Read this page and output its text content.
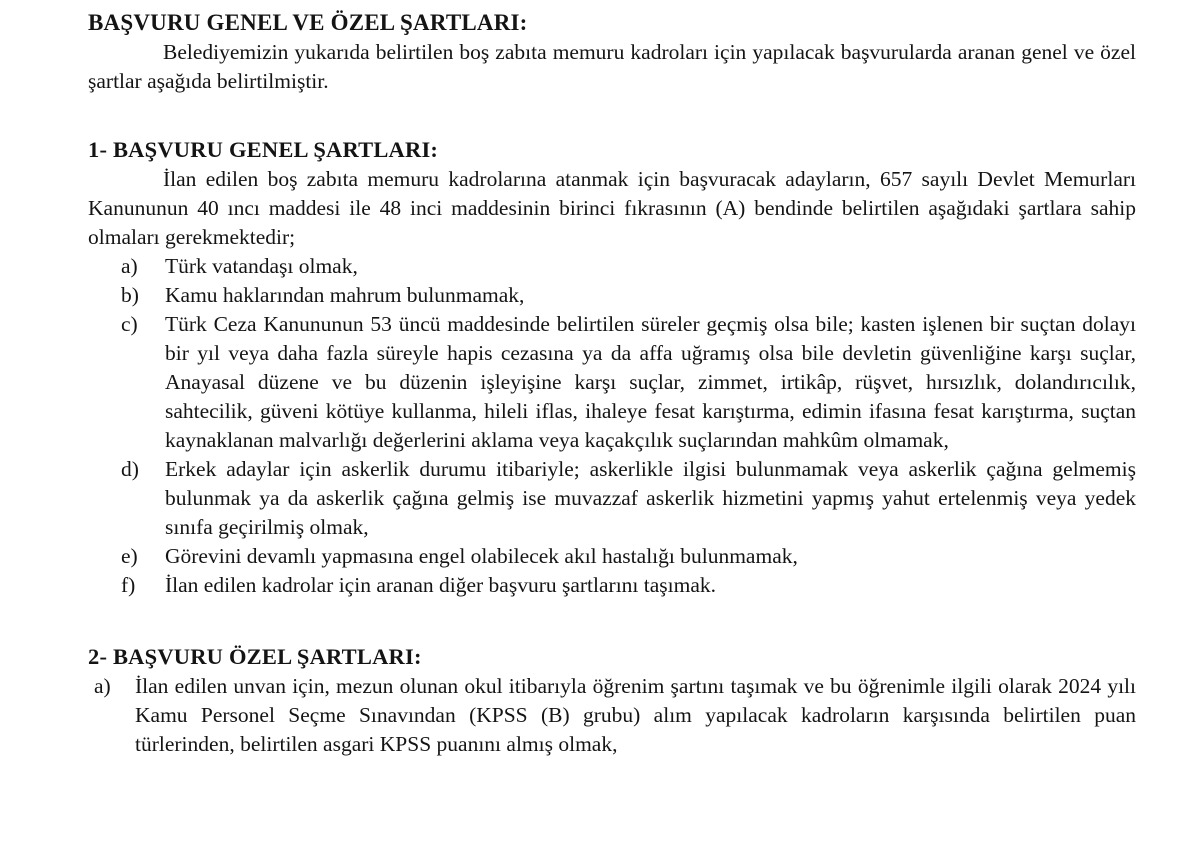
BAŞVURU GENEL VE ÖZEL ŞARTLARI:

Belediyemizin yukarıda belirtilen boş zabıta memuru kadroları için yapılacak başvurularda aranan genel ve özel şartlar aşağıda belirtilmiştir.

1- BAŞVURU GENEL ŞARTLARI:

İlan edilen boş zabıta memuru kadrolarına atanmak için başvuracak adayların, 657 sayılı Devlet Memurları Kanununun 40 ıncı maddesi ile 48 inci maddesinin birinci fıkrasının (A) bendinde belirtilen aşağıdaki şartlara sahip olmaları gerekmektedir;

a) Türk vatandaşı olmak,
b) Kamu haklarından mahrum bulunmamak,
c) Türk Ceza Kanununun 53 üncü maddesinde belirtilen süreler geçmiş olsa bile; kasten işlenen bir suçtan dolayı bir yıl veya daha fazla süreyle hapis cezasına ya da affa uğramış olsa bile devletin güvenliğine karşı suçlar, Anayasal düzene ve bu düzenin işleyişine karşı suçlar, zimmet, irtikâp, rüşvet, hırsızlık, dolandırıcılık, sahtecilik, güveni kötüye kullanma, hileli iflas, ihaleye fesat karıştırma, edimin ifasına fesat karıştırma, suçtan kaynaklanan malvarlığı değerlerini aklama veya kaçakçılık suçlarından mahkûm olmamak,
d) Erkek adaylar için askerlik durumu itibariyle; askerlikle ilgisi bulunmamak veya askerlik çağına gelmemiş bulunmak ya da askerlik çağına gelmiş ise muvazzaf askerlik hizmetini yapmış yahut ertelenmiş veya yedek sınıfa geçirilmiş olmak,
e) Görevini devamlı yapmasına engel olabilecek akıl hastalığı bulunmamak,
f) İlan edilen kadrolar için aranan diğer başvuru şartlarını taşımak.
2- BAŞVURU ÖZEL ŞARTLARI:
a) İlan edilen unvan için, mezun olunan okul itibarıyla öğrenim şartını taşımak ve bu öğrenimle ilgili olarak 2024 yılı Kamu Personel Seçme Sınavından (KPSS (B) grubu) alım yapılacak kadroların karşısında belirtilen puan türlerinden, belirtilen asgari KPSS puanını almış olmak,
